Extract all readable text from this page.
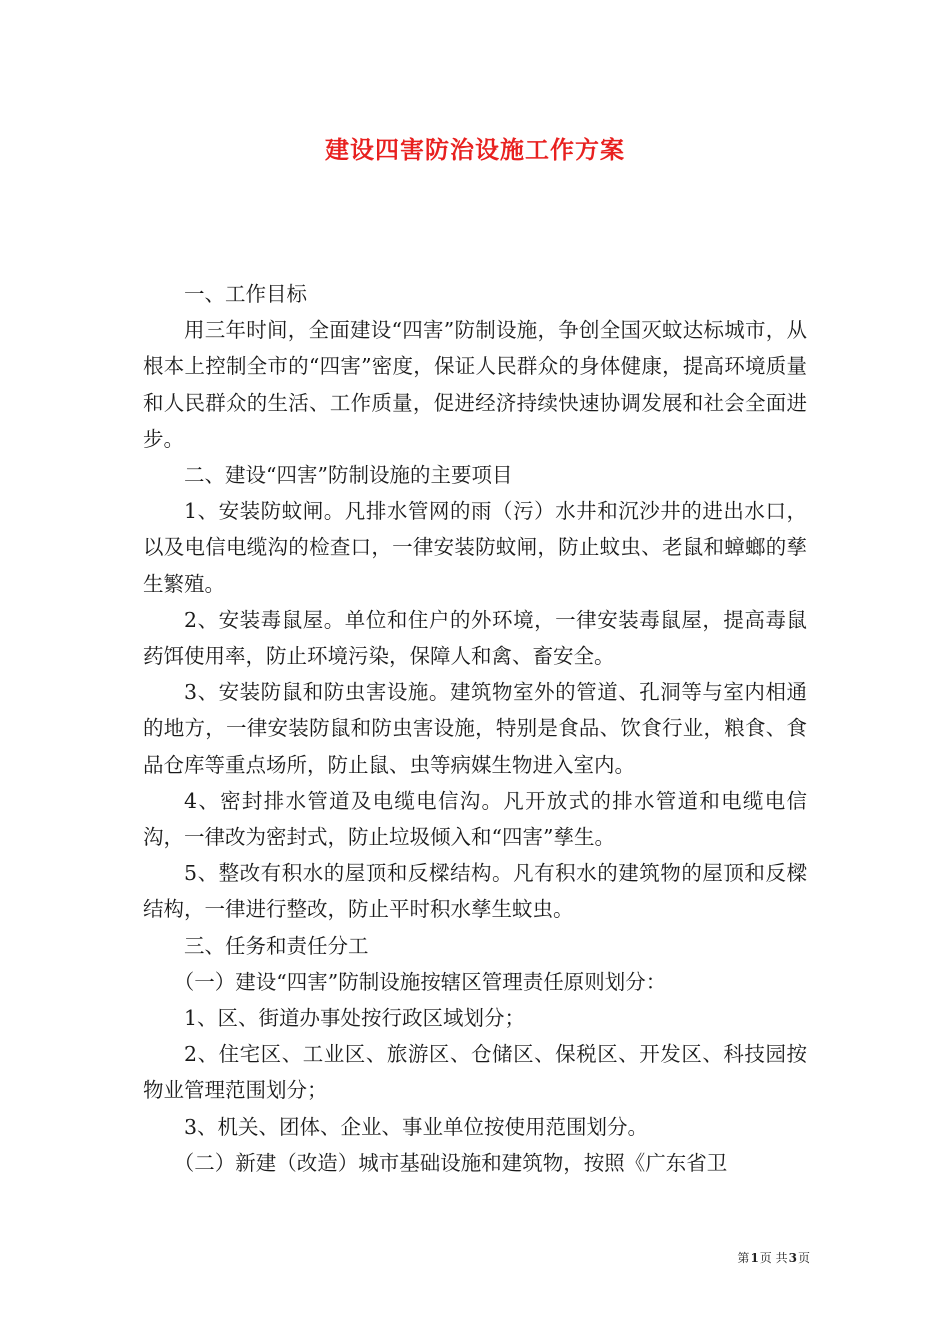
建设四害防治设施工作方案

一、工作目标

用三年时间，全面建设“四害”防制设施，争创全国灭蚊达标城市，从根本上控制全市的“四害”密度，保证人民群众的身体健康，提高环境质量和人民群众的生活、工作质量，促进经济持续快速协调发展和社会全面进步。

二、建设“四害”防制设施的主要项目

1、安装防蚊闸。凡排水管网的雨（污）水井和沉沙井的进出水口，以及电信电缆沟的检查口，一律安装防蚊闸，防止蚊虫、老鼠和蟑螂的孳生繁殖。

2、安装毒鼠屋。单位和住户的外环境，一律安装毒鼠屋，提高毒鼠药饵使用率，防止环境污染，保障人和禽、畜安全。

3、安装防鼠和防虫害设施。建筑物室外的管道、孔洞等与室内相通的地方，一律安装防鼠和防虫害设施，特别是食品、饮食行业，粮食、食品仓库等重点场所，防止鼠、虫等病媒生物进入室内。

4、密封排水管道及电缆电信沟。凡开放式的排水管道和电缆电信沟，一律改为密封式，防止垃圾倾入和“四害”孳生。

5、整改有积水的屋顶和反樑结构。凡有积水的建筑物的屋顶和反樑结构，一律进行整改，防止平时积水孳生蚊虫。

三、任务和责任分工

（一）建设“四害”防制设施按辖区管理责任原则划分：

1、区、街道办事处按行政区域划分；

2、住宅区、工业区、旅游区、仓储区、保税区、开发区、科技园按物业管理范围划分；

3、机关、团体、企业、事业单位按使用范围划分。

（二）新建（改造）城市基础设施和建筑物，按照《广东省卫

第1页 共3页
